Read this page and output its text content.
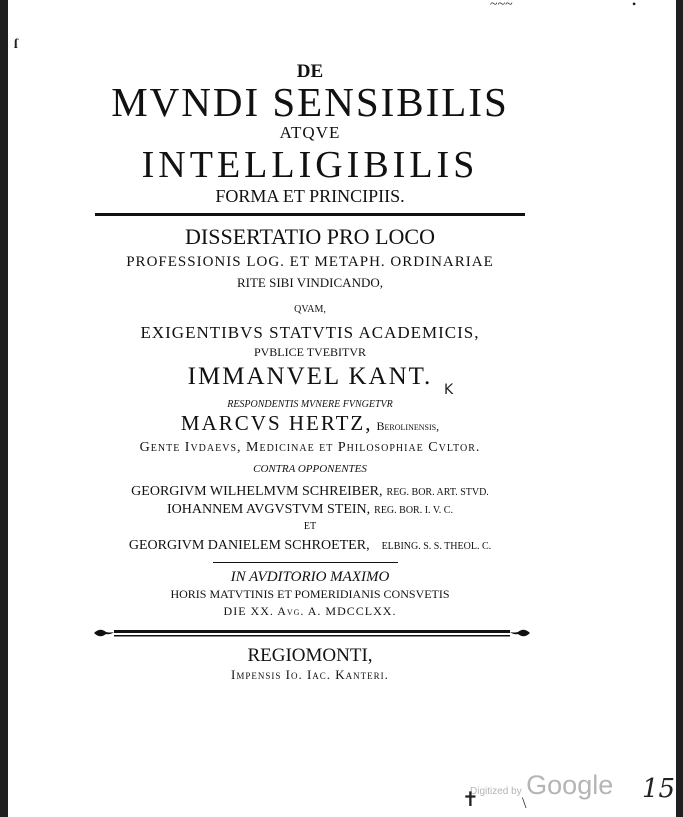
ſ
~~~	•
DE
MVNDI SENSIBILIS
ATQVE
INTELLIGIBILIS
FORMA ET PRINCIPIIS.
DISSERTATIO PRO LOCO
PROFESSIONIS LOG. ET METAPH. ORDINARIAE
RITE SIBI VINDICANDO,
QVAM,
EXIGENTIBVS STATVTIS ACADEMICIS,
PVBLICE TVEBITVR
IMMANVEL KANT. K
RESPONDENTIS MVNERE FVNGETVR
MARCVS HERTZ, Berolinensis,
Gente Ivdaevs, Medicinae et Philosophiae Cvltor.
CONTRA OPPONENTES
GEORGIVM WILHELMVM SCHREIBER, REG. BOR. ART. STVD.
IOHANNEM AVGVSTVM STEIN, REG. BOR. I. V. C.
ET
GEORGIVM DANIELEM SCHROETER, ELBING. S. S. THEOL. C.
IN AVDITORIO MAXIMO
HORIS MATVTINIS ET POMERIDIANIS CONSVETIS
DIE XX. Avg. A. MDCCLXX.
REGIOMONTI,
Impensis Io. Iac. Kanteri.
Digitized by Google 15
✝	\
